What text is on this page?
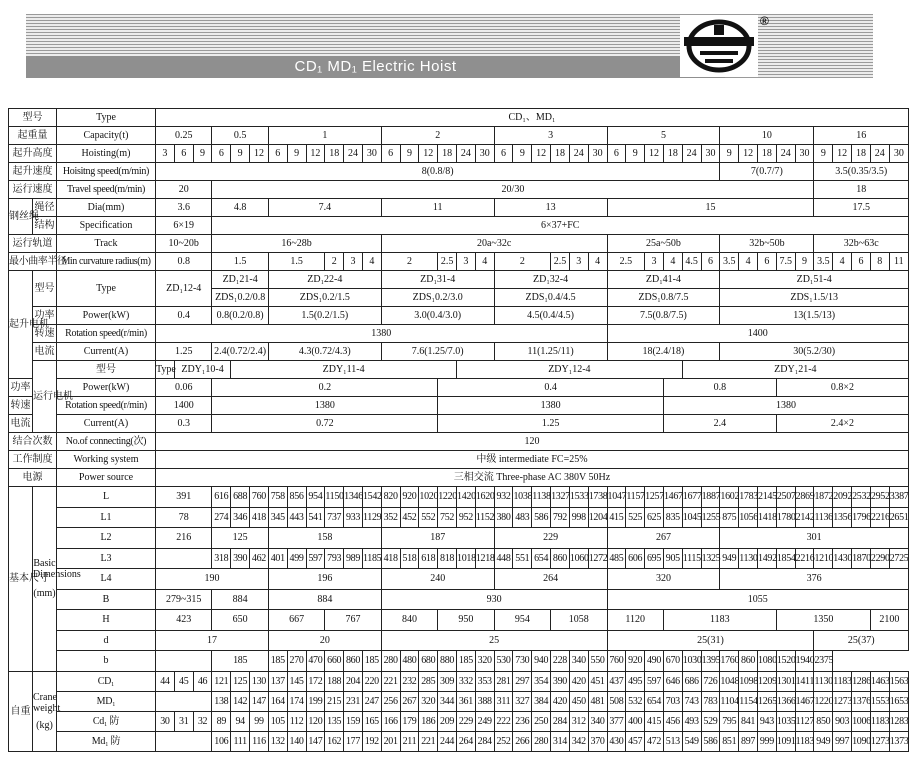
CD₁ MD₁ Electric Hoist
®
型号		Type	CD₁、MD₁																																							
起重量		Capacity(t)	0.25			0.5			1						2						3						5						10					16				
起升高度		Hoisting(m)	3	6	9	6	9	12	6	9	12	18	24	30	6	9	12	18	24	30	6	9	12	18	24	30	6	9	12	18	24	30	9	12	18	24	30	9	12	18	24	30
起升速度		Hoisitng speed(m/min)	8(0.8/8)																														7(0.7/7)					3.5(0.35/3.5)				
运行速度		Travel speed(m/min)	20			20/30																																18				
钢丝绳	绳径	Dia(mm)	3.6			4.8			7.4						11						13						15											17.5				
	结构	Specification	6×19			6×37+FC																																				
运行轨道		Track	10~20b			16~28b									20a~32c												25a~50b						32b~50b					32b~63c				
最小曲率半径		Min curvature radius(m)	0.8			1.5			1.5			2	3	4	2			2.5	3	4	2			2.5	3	4	2.5		3	4	4.5	6	3.5	4	6	7.5	9	3.5	4	6	8	11
起升电机	型号	Type	ZD₁12-4			ZD₁21-4			ZD₁22-4						ZD₁31-4						ZD₁32-4						ZD₁41-4						ZD₁51-4									
						ZDS₁0.2/0.8			ZDS₁0.2/1.5						ZDS₁0.2/3.0						ZDS₁0.4/4.5						ZDS₁0.8/7.5						ZDS₁1.5/13									
	功率	Power(kW)	0.4			0.8(0.2/0.8)			1.5(0.2/1.5)						3.0(0.4/3.0)						4.5(0.4/4.5)						7.5(0.8/7.5)						13(1.5/13)									
	转速	Rotation speed(r/min)	1380																								1400															
	电流	Current(A)	1.25			2.4(0.72/2.4)			4.3(0.72/4.3)						7.6(1.25/7.0)						11(1.25/11)						18(2.4/18)						30(5.2/30)									
	运行电机	型号	Type	ZDY₁10-4			ZDY₁11-4												ZDY₁12-4												ZDY₁21-4											
功率		Power(kW)	0.06			0.2												0.4												0.8						0.8×2						
转速		Rotation speed(r/min)	1400			1380												1380												1380												
电流		Current(A)	0.3			0.72												1.25												2.4						2.4×2						
结合次数		No.of connecting(次)	120																																							
工作制度		Working system	中级 intermediate FC=25%																																							
电源		Power source	三相交流 Three-phase AC 380V 50Hz																																							
基本尺寸	Basic Dimensions
(mm)	L	391			616	688	760	758	856	954	1150	1346	1542	820	920	1020	1220	1420	1620	932	1038	1138	1327	1533	1738	1047	1157	1257	1467	1677	1887	1602	1783	2145	2507	2869	1872	2092	2532	2952	3387
		L1	78			274	346	418	345	443	541	737	933	1129	352	452	552	752	952	1152	380	483	586	792	998	1204	415	525	625	835	1045	1255	875	1056	1418	1780	2142	1136	1356	1796	2216	2651
		L2	216			125			158						187						229						267						301									
		L3				318	390	462	401	499	597	793	989	1185	418	518	618	818	1018	1218	448	551	654	860	1060	1272	485	606	695	905	1115	1325	949	1130	1492	1854	2216	1210	1430	1870	2290	2725
		L4	190						196						240						264						320						376									
		B	279~315			884			884						930												1055															
		H	423			650			667			767			840			950			954			1058			1120			1183						1350					2100	
		d	17						20						25												25(31)											25(37)				
		b				185			185	270	470	660	860	185	280	480	680	880	185	320	530	730	940	228	340	550	760	920	490	670	1030	1395	1760	860	1080	1520	1940	2375				
自重	Crane weight
(kg)	CD₁	44	45	46	121	125	130	137	145	172	188	204	220	221	232	285	309	332	353	281	297	354	390	420	451	437	495	597	646	686	726	1048	1098	1209	1301	1411	1130	1183	1286	1463	1563
		MD₁				138	142	147	164	174	199	215	231	247	256	267	320	344	361	388	311	327	384	420	450	481	508	532	654	703	743	783	1104	1154	1265	1366	1467	1220	1273	1376	1553	1653
		Cd₁ 防	30	31	32	89	94	99	105	112	120	135	159	165	166	179	186	209	229	249	222	236	250	284	312	340	377	400	415	456	493	529	795	841	943	1035	1127	850	903	1006	1183	1283
		Md₁ 防				106	111	116	132	140	147	162	177	192	201	211	221	244	264	284	252	266	280	314	342	370	430	457	472	513	549	586	851	897	999	1091	1183	949	997	1090	1273	1373
